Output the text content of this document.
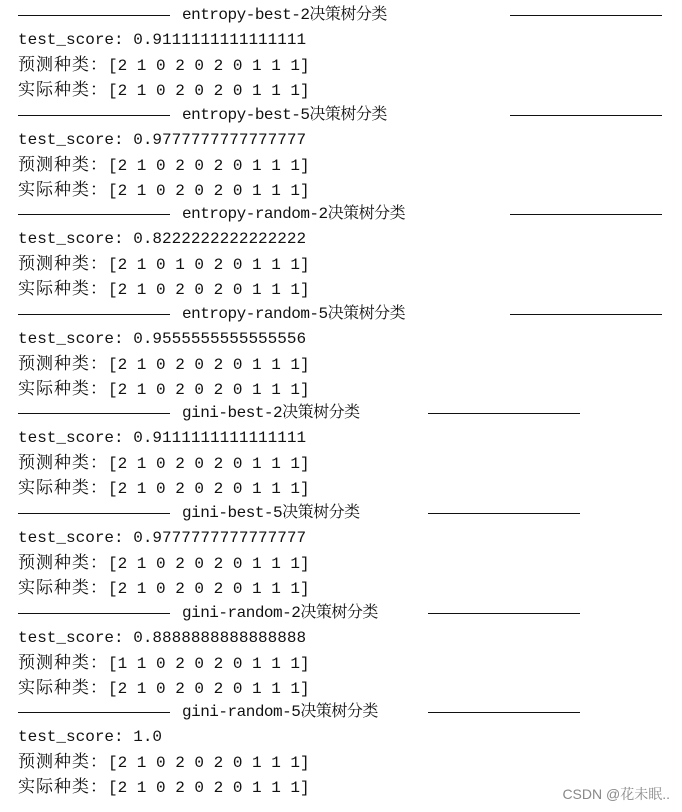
entropy-best-2决策树分类
test_score: 0.9111111111111111
预测种类：[2 1 0 2 0 2 0 1 1 1]
实际种类：[2 1 0 2 0 2 0 1 1 1]
entropy-best-5决策树分类
test_score: 0.9777777777777777
预测种类：[2 1 0 2 0 2 0 1 1 1]
实际种类：[2 1 0 2 0 2 0 1 1 1]
entropy-random-2决策树分类
test_score: 0.8222222222222222
预测种类：[2 1 0 1 0 2 0 1 1 1]
实际种类：[2 1 0 2 0 2 0 1 1 1]
entropy-random-5决策树分类
test_score: 0.9555555555555556
预测种类：[2 1 0 2 0 2 0 1 1 1]
实际种类：[2 1 0 2 0 2 0 1 1 1]
gini-best-2决策树分类
test_score: 0.9111111111111111
预测种类：[2 1 0 2 0 2 0 1 1 1]
实际种类：[2 1 0 2 0 2 0 1 1 1]
gini-best-5决策树分类
test_score: 0.9777777777777777
预测种类：[2 1 0 2 0 2 0 1 1 1]
实际种类：[2 1 0 2 0 2 0 1 1 1]
gini-random-2决策树分类
test_score: 0.8888888888888888
预测种类：[1 1 0 2 0 2 0 1 1 1]
实际种类：[2 1 0 2 0 2 0 1 1 1]
gini-random-5决策树分类
test_score: 1.0
预测种类：[2 1 0 2 0 2 0 1 1 1]
实际种类：[2 1 0 2 0 2 0 1 1 1]	CSDN @花未眠..
